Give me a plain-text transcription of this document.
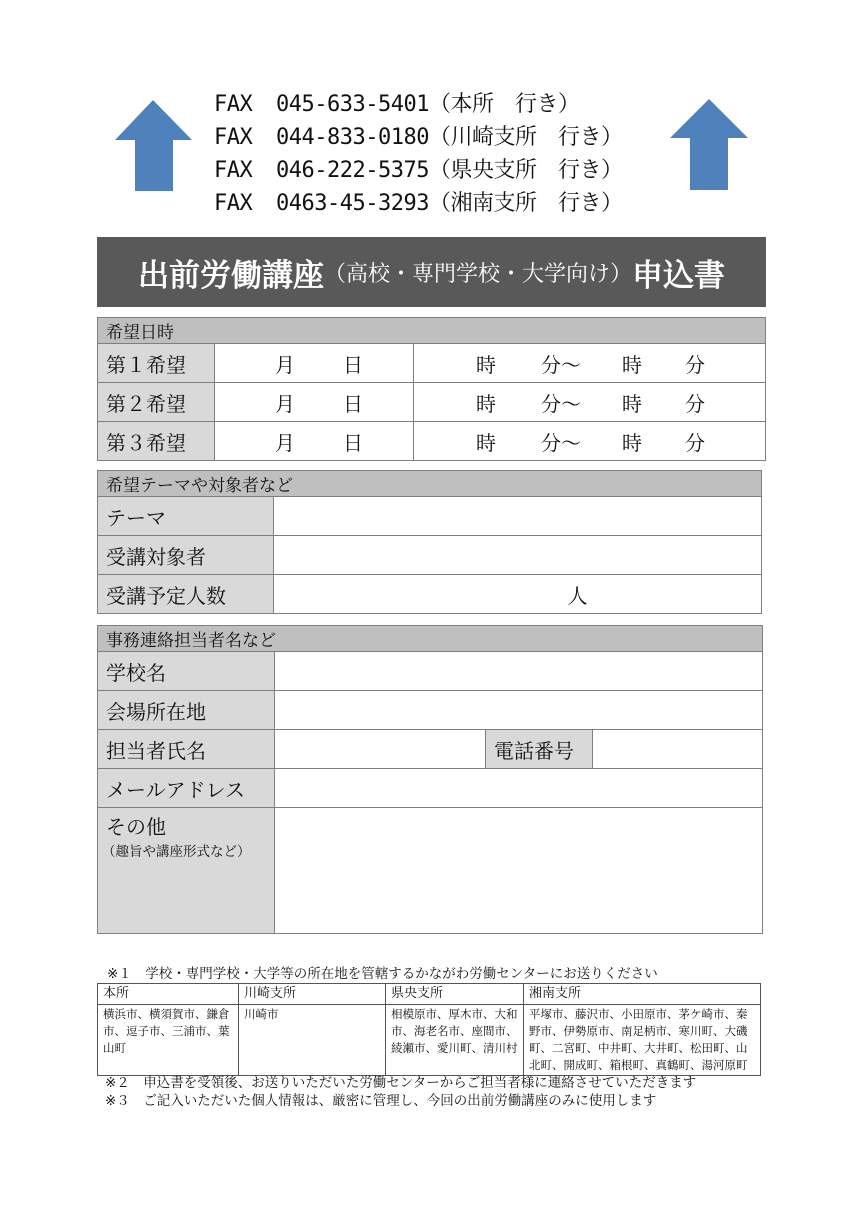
FAX 045-633-5401（本所　行き）
FAX 044-833-0180（川崎支所　行き）
FAX 046-222-5375（県央支所　行き）
FAX 0463-45-3293（湘南支所　行き）
出前労働講座 （高校・専門学校・大学向け） 申込書
希望日時		
第１希望	月 日	時 分～ 時 分

第２希望	月 日	時 分～ 時 分

第３希望	月 日	時 分～ 時 分
希望テーマや対象者など	
テーマ	
受講対象者	
受講予定人数	人
事務連絡担当者名など			
学校名			
会場所在地			
担当者氏名		電話番号	
メールアドレス			

その他
（趣旨や講座形式など）			

※１　学校・専門学校・大学等の所在地を管轄するかながわ労働センターにお送りください
本所	川崎支所	県央支所	湘南支所
横浜市、横須賀市、鎌倉市、逗子市、三浦市、葉山町	川崎市	相模原市、厚木市、大和市、海老名市、座間市、綾瀬市、愛川町、清川村	平塚市、藤沢市、小田原市、茅ケ崎市、秦野市、伊勢原市、南足柄市、寒川町、大磯町、二宮町、中井町、大井町、松田町、山北町、開成町、箱根町、真鶴町、湯河原町
※２　申込書を受領後、お送りいただいた労働センターからご担当者様に連絡させていただきます
※３　ご記入いただいた個人情報は、厳密に管理し、今回の出前労働講座のみに使用します
